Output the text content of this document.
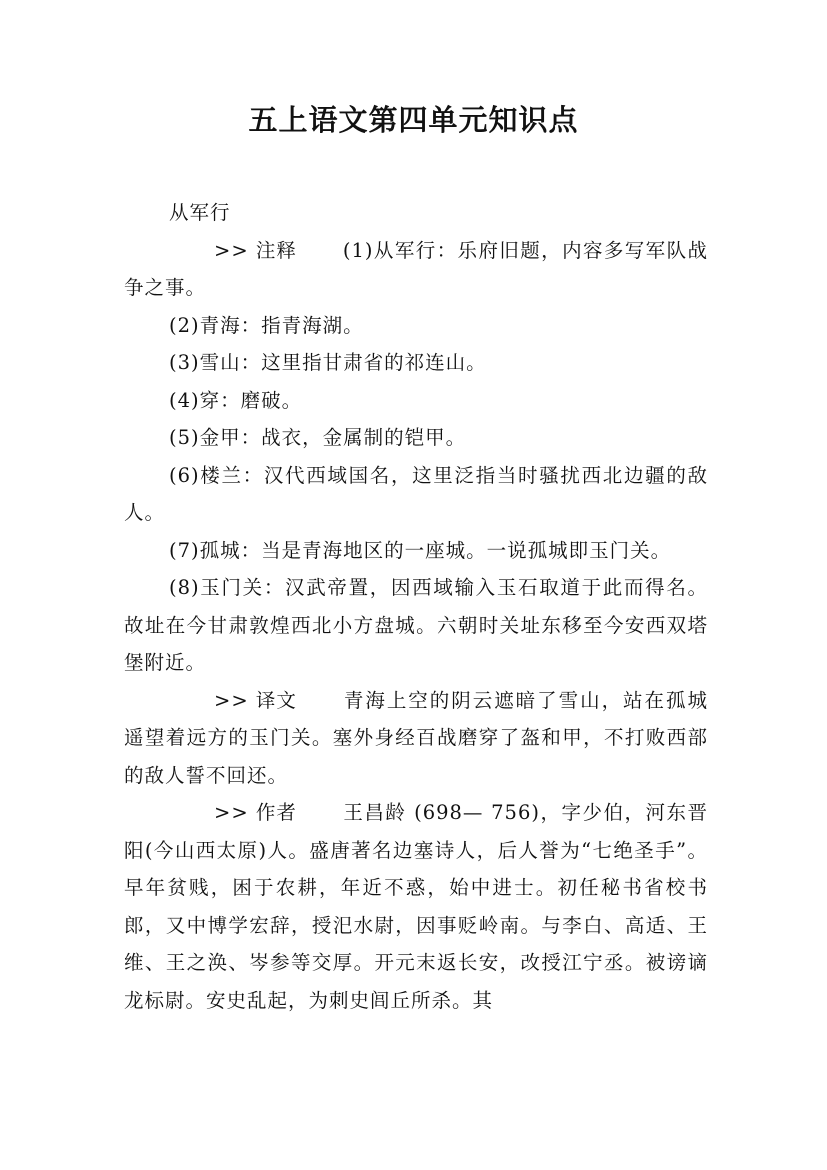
五上语文第四单元知识点

从军行

>> 注释 (1)从军行：乐府旧题，内容多写军队战争之事。

(2)青海：指青海湖。

(3)雪山：这里指甘肃省的祁连山。

(4)穿：磨破。

(5)金甲：战衣，金属制的铠甲。

(6)楼兰：汉代西域国名，这里泛指当时骚扰西北边疆的敌人。

(7)孤城：当是青海地区的一座城。一说孤城即玉门关。

(8)玉门关：汉武帝置，因西域输入玉石取道于此而得名。故址在今甘肃敦煌西北小方盘城。六朝时关址东移至今安西双塔堡附近。

>> 译文 青海上空的阴云遮暗了雪山，站在孤城遥望着远方的玉门关。塞外身经百战磨穿了盔和甲，不打败西部的敌人誓不回还。

>> 作者 王昌龄 (698— 756)，字少伯，河东晋阳(今山西太原)人。盛唐著名边塞诗人，后人誉为“七绝圣手”。早年贫贱，困于农耕，年近不惑，始中进士。初任秘书省校书郎，又中博学宏辞，授汜水尉，因事贬岭南。与李白、高适、王维、王之涣、岑参等交厚。开元末返长安，改授江宁丞。被谤谪龙标尉。安史乱起，为刺史闾丘所杀。其
